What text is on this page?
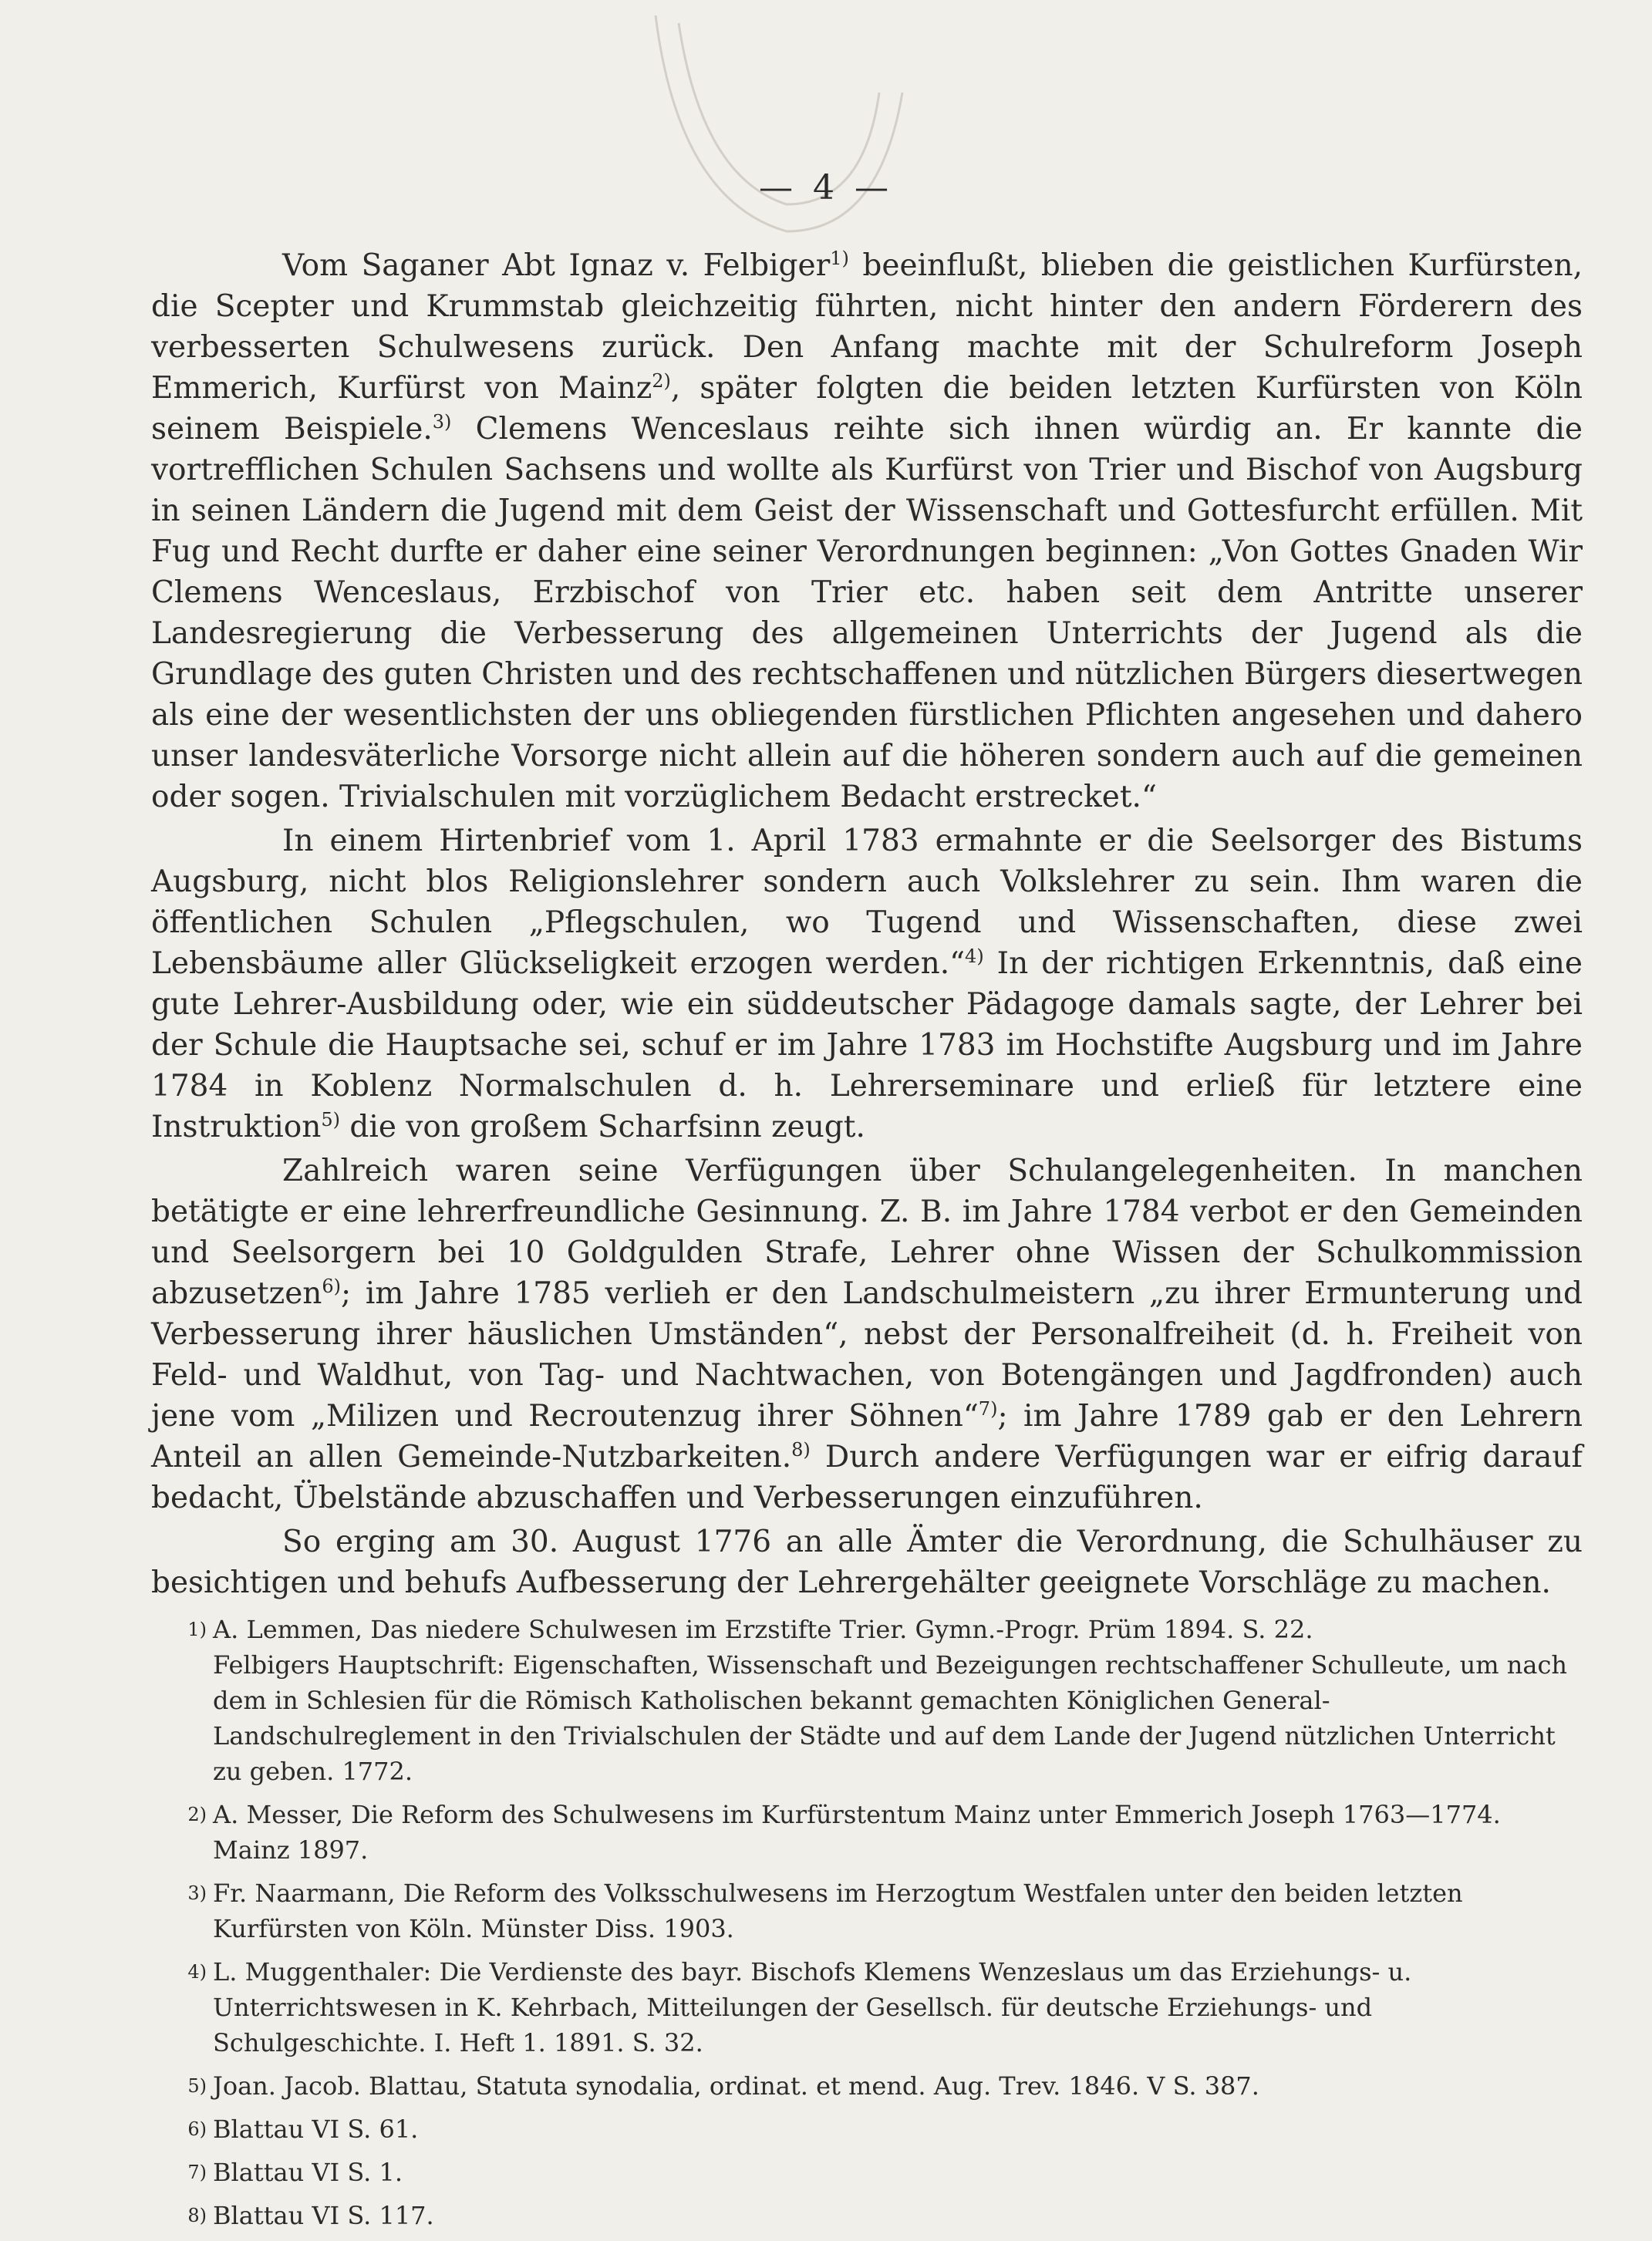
— 4 —

Vom Saganer Abt Ignaz v. Felbiger$^{1)}$ beeinflußt, blieben die geistlichen Kurfürsten, die Scepter und Krummstab gleichzeitig führten, nicht hinter den andern Förderern des verbesserten Schulwesens zurück. Den Anfang machte mit der Schulreform Joseph Emmerich, Kurfürst von Mainz$^{2)}$, später folgten die beiden letzten Kurfürsten von Köln seinem Beispiele.$^{3)}$ Clemens Wenceslaus reihte sich ihnen würdig an. Er kannte die vortrefflichen Schulen Sachsens und wollte als Kurfürst von Trier und Bischof von Augsburg in seinen Ländern die Jugend mit dem Geist der Wissenschaft und Gottesfurcht erfüllen. Mit Fug und Recht durfte er daher eine seiner Verordnungen beginnen: „Von Gottes Gnaden Wir Clemens Wenceslaus, Erzbischof von Trier etc. haben seit dem Antritte unserer Landesregierung die Verbesserung des allgemeinen Unterrichts der Jugend als die Grundlage des guten Christen und des rechtschaffenen und nützlichen Bürgers diesertwegen als eine der wesentlichsten der uns obliegenden fürstlichen Pflichten angesehen und dahero unser landesväterliche Vorsorge nicht allein auf die höheren sondern auch auf die gemeinen oder sogen. Trivialschulen mit vorzüglichem Bedacht erstrecket.“

In einem Hirtenbrief vom 1. April 1783 ermahnte er die Seelsorger des Bistums Augsburg, nicht blos Religionslehrer sondern auch Volkslehrer zu sein. Ihm waren die öffentlichen Schulen „Pflegschulen, wo Tugend und Wissenschaften, diese zwei Lebensbäume aller Glückseligkeit erzogen werden.“$^{4)}$ In der richtigen Erkenntnis, daß eine gute Lehrer-Ausbildung oder, wie ein süddeutscher Pädagoge damals sagte, der Lehrer bei der Schule die Hauptsache sei, schuf er im Jahre 1783 im Hochstifte Augsburg und im Jahre 1784 in Koblenz Normalschulen d. h. Lehrerseminare und erließ für letztere eine Instruktion$^{5)}$ die von großem Scharfsinn zeugt.

Zahlreich waren seine Verfügungen über Schulangelegenheiten. In manchen betätigte er eine lehrerfreundliche Gesinnung. Z. B. im Jahre 1784 verbot er den Gemeinden und Seelsorgern bei 10 Goldgulden Strafe, Lehrer ohne Wissen der Schulkommission abzusetzen$^{6)}$; im Jahre 1785 verlieh er den Landschulmeistern „zu ihrer Ermunterung und Verbesserung ihrer häuslichen Umständen“, nebst der Personalfreiheit (d. h. Freiheit von Feld- und Waldhut, von Tag- und Nachtwachen, von Botengängen und Jagdfronden) auch jene vom „Milizen und Recroutenzug ihrer Söhnen“$^{7)}$; im Jahre 1789 gab er den Lehrern Anteil an allen Gemeinde-Nutzbarkeiten.$^{8)}$ Durch andere Verfügungen war er eifrig darauf bedacht, Übelstände abzuschaffen und Verbesserungen einzuführen.

So erging am 30. August 1776 an alle Ämter die Verordnung, die Schulhäuser zu besichtigen und behufs Aufbesserung der Lehrergehälter geeignete Vorschläge zu machen.

1) A. Lemmen, Das niedere Schulwesen im Erzstifte Trier. Gymn.-Progr. Prüm 1894. S. 22.
Felbigers Hauptschrift: Eigenschaften, Wissenschaft und Bezeigungen rechtschaffener Schulleute, um nach dem in Schlesien für die Römisch Katholischen bekannt gemachten Königlichen General-Landschulreglement in den Trivialschulen der Städte und auf dem Lande der Jugend nützlichen Unterricht zu geben. 1772.
2) A. Messer, Die Reform des Schulwesens im Kurfürstentum Mainz unter Emmerich Joseph 1763—1774. Mainz 1897.
3) Fr. Naarmann, Die Reform des Volksschulwesens im Herzogtum Westfalen unter den beiden letzten Kurfürsten von Köln. Münster Diss. 1903.
4) L. Muggenthaler: Die Verdienste des bayr. Bischofs Klemens Wenzeslaus um das Erziehungs- u. Unterrichtswesen in K. Kehrbach, Mitteilungen der Gesellsch. für deutsche Erziehungs- und Schulgeschichte. I. Heft 1. 1891. S. 32.
5) Joan. Jacob. Blattau, Statuta synodalia, ordinat. et mend. Aug. Trev. 1846. V S. 387.
6) Blattau VI S. 61.
7) Blattau VI S. 1.
8) Blattau VI S. 117.
